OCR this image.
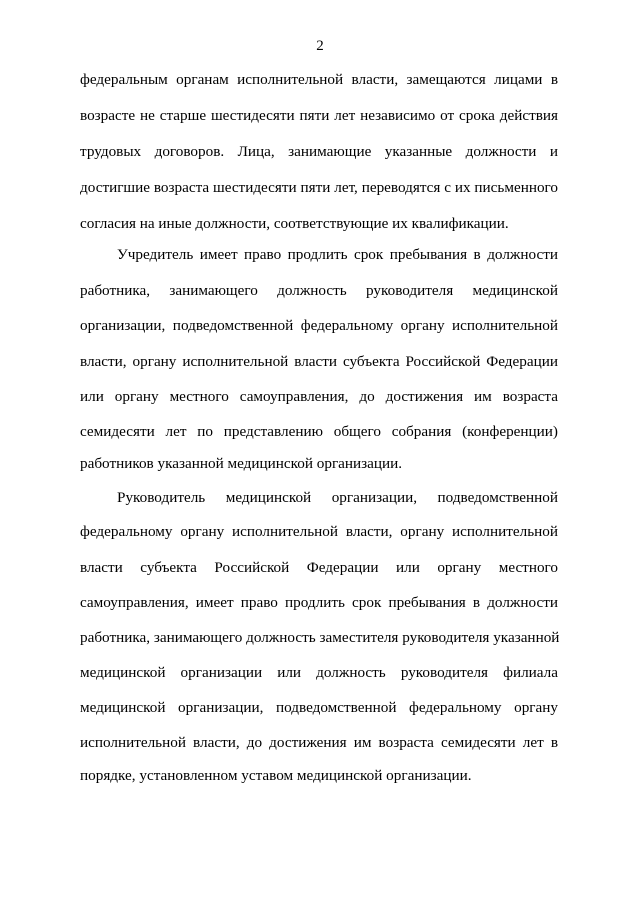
2
федеральным органам исполнительной власти, замещаются лицами в
возрасте не старше шестидесяти пяти лет независимо от срока действия
трудовых договоров. Лица, занимающие указанные должности и
достигшие возраста шестидесяти пяти лет, переводятся с их письменного
согласия на иные должности, соответствующие их квалификации.
Учредитель имеет право продлить срок пребывания в должности
работника, занимающего должность руководителя медицинской
организации, подведомственной федеральному органу исполнительной
власти, органу исполнительной власти субъекта Российской Федерации
или органу местного самоуправления, до достижения им возраста
семидесяти лет по представлению общего собрания (конференции)
работников указанной медицинской организации.
Руководитель медицинской организации, подведомственной
федеральному органу исполнительной власти, органу исполнительной
власти субъекта Российской Федерации или органу местного
самоуправления, имеет право продлить срок пребывания в должности
работника, занимающего должность заместителя руководителя указанной
медицинской организации или должность руководителя филиала
медицинской организации, подведомственной федеральному органу
исполнительной власти, до достижения им возраста семидесяти лет в
порядке, установленном уставом медицинской организации.
